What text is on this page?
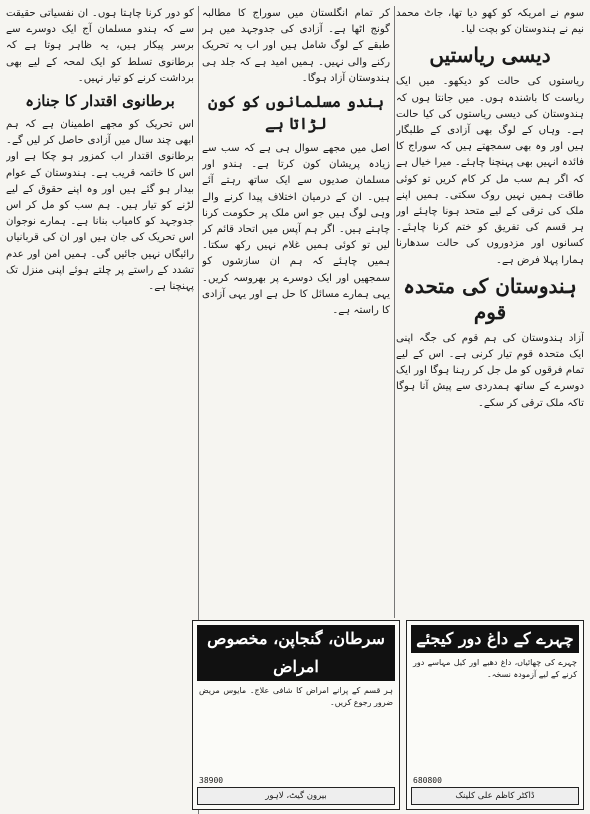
سوم نے امریکہ کو کھو دیا تھا، جاٹ محمد نیم نے ہندوستان کو بچت لیا۔

دیسی ریاستیں

ریاستوں کی حالت کو دیکھو۔ میں ایک ریاست کا باشندہ ہوں۔ میں جانتا ہوں کہ ہندوستان کی دیسی ریاستوں کی کیا حالت ہے۔ وہاں کے لوگ بھی آزادی کے طلبگار ہیں اور وہ بھی سمجھتے ہیں کہ سوراج کا فائدہ انہیں بھی پہنچنا چاہئے۔ میرا خیال ہے کہ اگر ہم سب مل کر کام کریں تو کوئی طاقت ہمیں نہیں روک سکتی۔ ہمیں اپنے ملک کی ترقی کے لیے متحد ہونا چاہئے اور ہر قسم کی تفریق کو ختم کرنا چاہئے۔ کسانوں اور مزدوروں کی حالت سدھارنا ہمارا پہلا فرض ہے۔

ہندوستان کی متحدہ قوم

آزاد ہندوستان کی ہم قوم کی جگہ اپنی ایک متحدہ قوم تیار کرنی ہے۔ اس کے لیے تمام فرقوں کو مل جل کر رہنا ہوگا اور ایک دوسرے کے ساتھ ہمدردی سے پیش آنا ہوگا تاکہ ملک ترقی کر سکے۔

کر تمام انگلستان میں سوراج کا مطالبہ گونج اٹھا ہے۔ آزادی کی جدوجہد میں ہر طبقے کے لوگ شامل ہیں اور اب یہ تحریک رکنے والی نہیں۔ ہمیں امید ہے کہ جلد ہی ہندوستان آزاد ہوگا۔

ہندو مسلمانوں کو کون لڑاتا ہے

اصل میں مجھے سوال ہی ہے کہ سب سے زیادہ پریشان کون کرتا ہے۔ ہندو اور مسلمان صدیوں سے ایک ساتھ رہتے آئے ہیں۔ ان کے درمیان اختلاف پیدا کرنے والے وہی لوگ ہیں جو اس ملک پر حکومت کرنا چاہتے ہیں۔ اگر ہم آپس میں اتحاد قائم کر لیں تو کوئی ہمیں غلام نہیں رکھ سکتا۔ ہمیں چاہئے کہ ہم ان سازشوں کو سمجھیں اور ایک دوسرے پر بھروسہ کریں۔ یہی ہمارے مسائل کا حل ہے اور یہی آزادی کا راستہ ہے۔

کو دور کرنا چاہتا ہوں۔ ان نفسیاتی حقیقت سے کہ ہندو مسلمان آج ایک دوسرے سے برسر پیکار ہیں، یہ ظاہر ہوتا ہے کہ برطانوی تسلط کو ایک لمحہ کے لیے بھی برداشت کرنے کو تیار نہیں۔

برطانوی اقتدار کا جنازہ

اس تحریک کو مجھے اطمینان ہے کہ ہم ابھی چند سال میں آزادی حاصل کر لیں گے۔ برطانوی اقتدار اب کمزور ہو چکا ہے اور اس کا خاتمہ قریب ہے۔ ہندوستان کے عوام بیدار ہو گئے ہیں اور وہ اپنے حقوق کے لیے لڑنے کو تیار ہیں۔ ہم سب کو مل کر اس جدوجہد کو کامیاب بنانا ہے۔ ہمارے نوجوان اس تحریک کی جان ہیں اور ان کی قربانیاں رائیگاں نہیں جائیں گی۔ ہمیں امن اور عدم تشدد کے راستے پر چلتے ہوئے اپنی منزل تک پہنچنا ہے۔

چہرے کے داغ دور کیجئے
چہرے کی چھائیاں، داغ دھبے اور کیل مہاسے دور کرنے کے لیے آزمودہ نسخہ۔
680800
ڈاکٹر کاظم علی کلینک
سرطان، گنجاپن، مخصوص امراض
ہر قسم کے پرانے امراض کا شافی علاج۔ مایوس مریض ضرور رجوع کریں۔
38900
بیرون گیٹ، لاہور
